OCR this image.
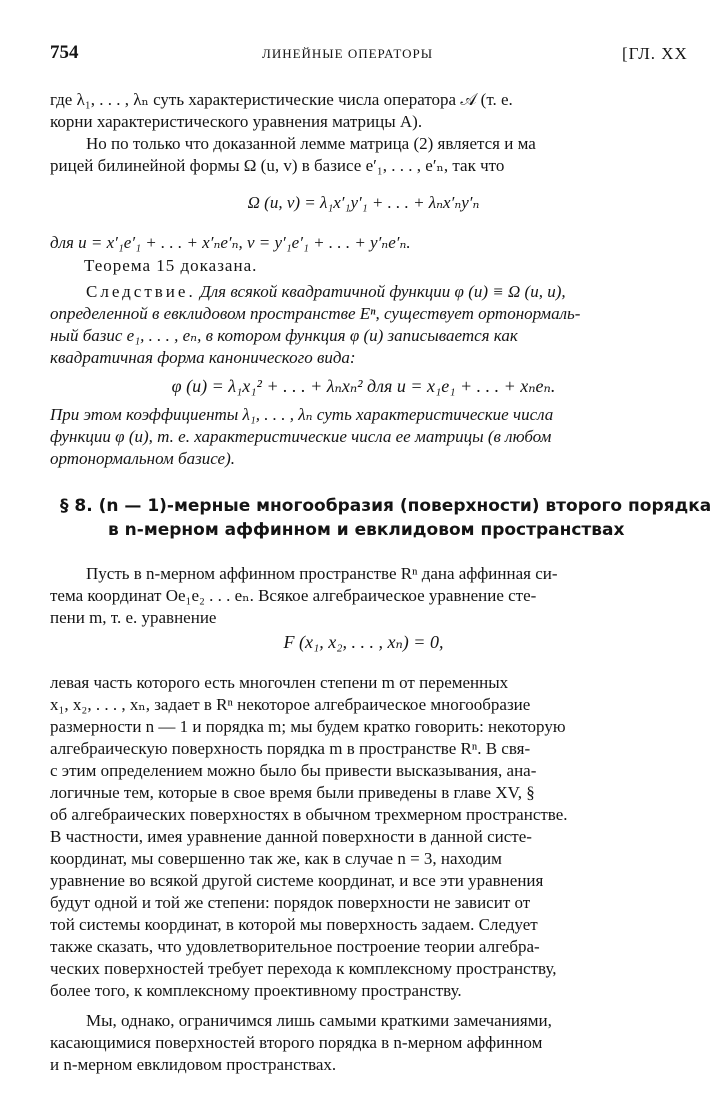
754	ЛИНЕЙНЫЕ ОПЕРАТОРЫ	[ГЛ. XX
где λ₁, . . . , λₙ суть характеристические числа оператора 𝒜 (т. е.
корни характеристического уравнения матрицы A).
Но по только что доказанной лемме матрица (2) является и ма
рицей билинейной формы Ω (u, v) в базисе e′₁, . . . , e′ₙ, так что
Ω (u, v) = λ₁x′₁y′₁ + . . . + λₙx′ₙy′ₙ
для u = x′₁e′₁ + . . . + x′ₙe′ₙ, v = y′₁e′₁ + . . . + y′ₙe′ₙ.
Теорема 15 доказана.
Следствие. Для всякой квадратичной функции φ (u) ≡ Ω (u, u),
определенной в евклидовом пространстве Eⁿ, существует ортонормаль-
ный базис e₁, . . . , eₙ, в котором функция φ (u) записывается как
квадратичная форма канонического вида:
φ (u) = λ₁x₁² + . . . + λₙxₙ² для u = x₁e₁ + . . . + xₙeₙ.
При этом коэффициенты λ₁, . . . , λₙ суть характеристические числа
функции φ (u), т. е. характеристические числа ее матрицы (в любом
ортонормальном базисе).
§ 8. (n — 1)-мерные многообразия (поверхности) второго порядка
в n-мерном аффинном и евклидовом пространствах
Пусть в n-мерном аффинном пространстве Rⁿ дана аффинная си-
тема координат Oe₁e₂ . . . eₙ. Всякое алгебраическое уравнение сте-
пени m, т. е. уравнение
F (x₁, x₂, . . . , xₙ) = 0,
левая часть которого есть многочлен степени m от переменных
x₁, x₂, . . . , xₙ, задает в Rⁿ некоторое алгебраическое многообразие
размерности n — 1 и порядка m; мы будем кратко говорить: некоторую
алгебраическую поверхность порядка m в пространстве Rⁿ. В свя-
с этим определением можно было бы привести высказывания, ана-
логичные тем, которые в свое время были приведены в главе XV, §
об алгебраических поверхностях в обычном трехмерном пространстве.
В частности, имея уравнение данной поверхности в данной систе-
координат, мы совершенно так же, как в случае n = 3, находим
уравнение во всякой другой системе координат, и все эти уравнения
будут одной и той же степени: порядок поверхности не зависит от
той системы координат, в которой мы поверхность задаем. Следует
также сказать, что удовлетворительное построение теории алгебра-
ческих поверхностей требует перехода к комплексному пространству,
более того, к комплексному проективному пространству.
Мы, однако, ограничимся лишь самыми краткими замечаниями,
касающимися поверхностей второго порядка в n-мерном аффинном
и n-мерном евклидовом пространствах.
